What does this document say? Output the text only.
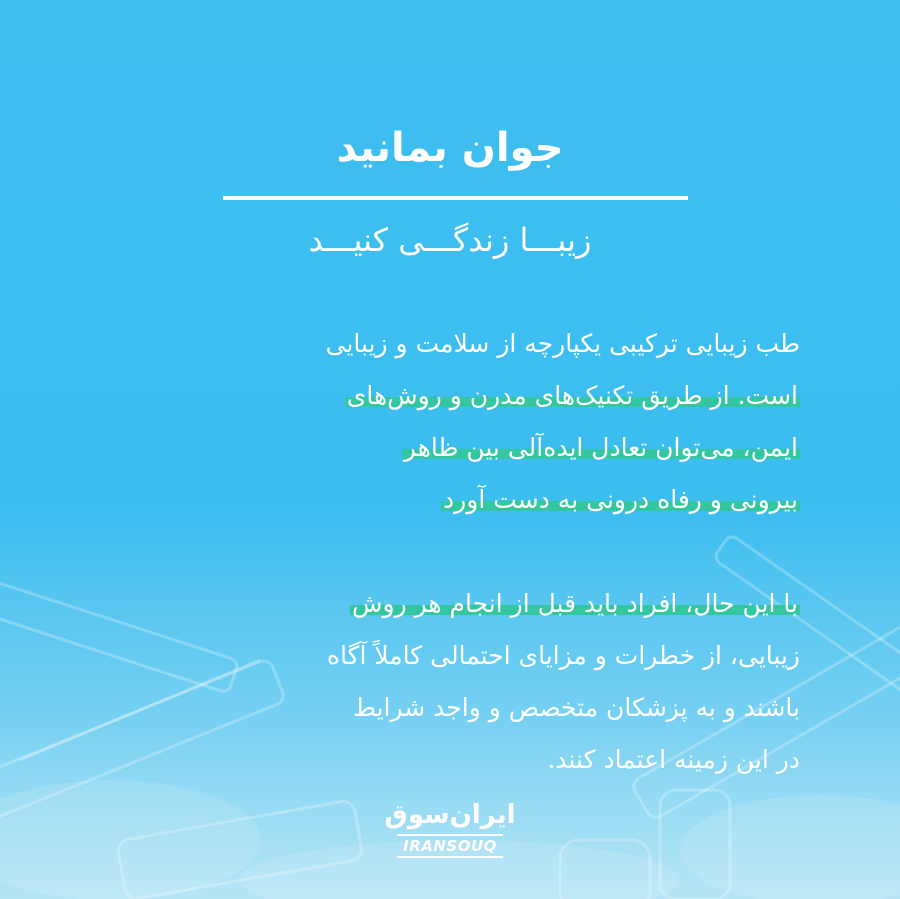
جوان بمانید
زیبـــا زندگـــی کنیـــد

طب زیبایی ترکیبی یکپارچه از سلامت و زیبایی
است. از طریق تکنیک‌های مدرن و روش‌های
ایمن، می‌توان تعادل ایده‌آلی بین ظاهر
بیرونی و رفاه درونی به دست آورد

با این حال، افراد باید قبل از انجام هر روش
زیبایی، از خطرات و مزایای احتمالی کاملاً آگاه
باشند و به پزشکان متخصص و واجد شرایط
در این زمینه اعتماد کنند.

ایران‌سوق
IRANSOUQ
